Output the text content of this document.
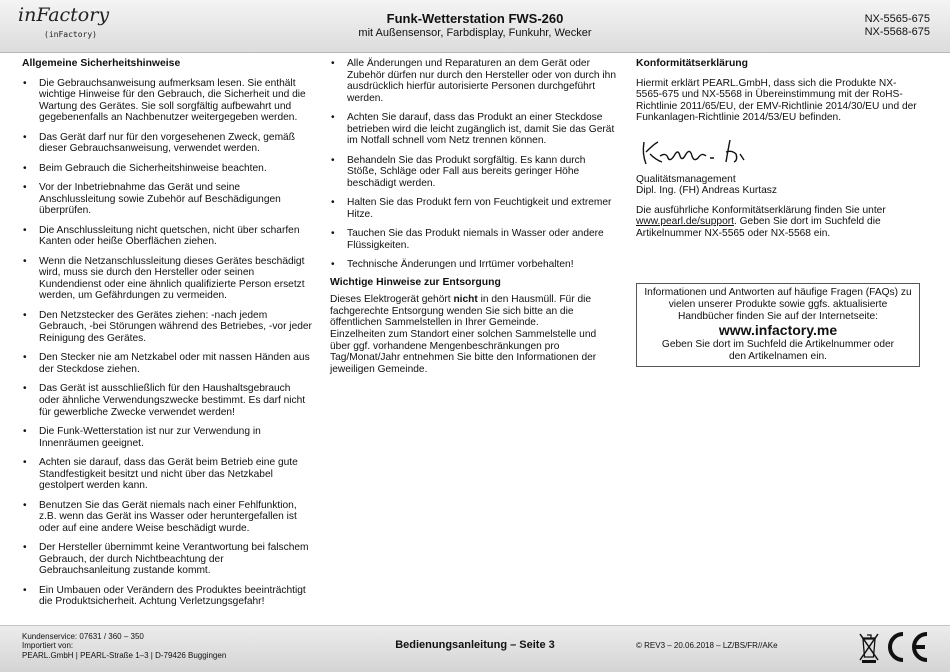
inFactory
(inFactory)
Funk-Wetterstation FWS-260
mit Außensensor, Farbdisplay, Funkuhr, Wecker
NX-5565-675
NX-5568-675
Allgemeine Sicherheitshinweise
• Die Gebrauchsanweisung aufmerksam lesen. Sie enthält wichtige Hinweise für den Gebrauch, die Sicherheit und die Wartung des Gerätes. Sie soll sorgfältig aufbewahrt und gegebenenfalls an Nachbenutzer weitergegeben werden.
• Das Gerät darf nur für den vorgesehenen Zweck, gemäß dieser Gebrauchsanweisung, verwendet werden.
• Beim Gebrauch die Sicherheitshinweise beachten.
• Vor der Inbetriebnahme das Gerät und seine Anschlussleitung sowie Zubehör auf Beschädigungen überprüfen.
• Die Anschlussleitung nicht quetschen, nicht über scharfen Kanten oder heiße Oberflächen ziehen.
• Wenn die Netzanschlussleitung dieses Gerätes beschädigt wird, muss sie durch den Hersteller oder seinen Kundendienst oder eine ähnlich qualifizierte Person ersetzt werden, um Gefährdungen zu vermeiden.
• Den Netzstecker des Gerätes ziehen: -nach jedem Gebrauch, -bei Störungen während des Betriebes, -vor jeder Reinigung des Gerätes.
• Den Stecker nie am Netzkabel oder mit nassen Händen aus der Steckdose ziehen.
• Das Gerät ist ausschließlich für den Haushaltsgebrauch oder ähnliche Verwendungszwecke bestimmt. Es darf nicht für gewerbliche Zwecke verwendet werden!
• Die Funk-Wetterstation ist nur zur Verwendung in Innenräumen geeignet.
• Achten sie darauf, dass das Gerät beim Betrieb eine gute Standfestigkeit besitzt und nicht über das Netzkabel gestolpert werden kann.
• Benutzen Sie das Gerät niemals nach einer Fehlfunktion, z.B. wenn das Gerät ins Wasser oder heruntergefallen ist oder auf eine andere Weise beschädigt wurde.
• Der Hersteller übernimmt keine Verantwortung bei falschem Gebrauch, der durch Nichtbeachtung der Gebrauchsanleitung zustande kommt.
• Ein Umbauen oder Verändern des Produktes beeinträchtigt die Produktsicherheit. Achtung Verletzungsgefahr!
• Alle Änderungen und Reparaturen an dem Gerät oder Zubehör dürfen nur durch den Hersteller oder von durch ihn ausdrücklich hierfür autorisierte Personen durchgeführt werden.
• Achten Sie darauf, dass das Produkt an einer Steckdose betrieben wird die leicht zugänglich ist, damit Sie das Gerät im Notfall schnell vom Netz trennen können.
• Behandeln Sie das Produkt sorgfältig. Es kann durch Stöße, Schläge oder Fall aus bereits geringer Höhe beschädigt werden.
• Halten Sie das Produkt fern von Feuchtigkeit und extremer Hitze.
• Tauchen Sie das Produkt niemals in Wasser oder andere Flüssigkeiten.
• Technische Änderungen und Irrtümer vorbehalten!
Wichtige Hinweise zur Entsorgung
Dieses Elektrogerät gehört nicht in den Hausmüll. Für die fachgerechte Entsorgung wenden Sie sich bitte an die öffentlichen Sammelstellen in Ihrer Gemeinde.
Einzelheiten zum Standort einer solchen Sammelstelle und über ggf. vorhandene Mengenbeschränkungen pro Tag/Monat/Jahr entnehmen Sie bitte den Informationen der jeweiligen Gemeinde.
Konformitätserklärung

Hiermit erklärt PEARL.GmbH, dass sich die Produkte NX-5565-675 und NX-5568 in Übereinstimmung mit der RoHS-Richtlinie 2011/65/EU, der EMV-Richtlinie 2014/30/EU und der Funkanlagen-Richtlinie 2014/53/EU befinden.

Qualitätsmanagement

Dipl. Ing. (FH) Andreas Kurtasz

Die ausführliche Konformitätserklärung finden Sie unter www.pearl.de/support. Geben Sie dort im Suchfeld die Artikelnummer NX-5565 oder NX-5568 ein.

Informationen und Antworten auf häufige Fragen (FAQs) zu vielen unserer Produkte sowie ggfs. aktualisierte Handbücher finden Sie auf der Internetseite:
www.infactory.me
Geben Sie dort im Suchfeld die Artikelnummer oder den Artikelnamen ein.
Kundenservice: 07631 / 360 – 350
Importiert von:
PEARL.GmbH | PEARL-Straße 1–3 | D-79426 Buggingen
Bedienungsanleitung – Seite 3	© REV3 – 20.06.2018 – LZ/BS/FR//AKe
